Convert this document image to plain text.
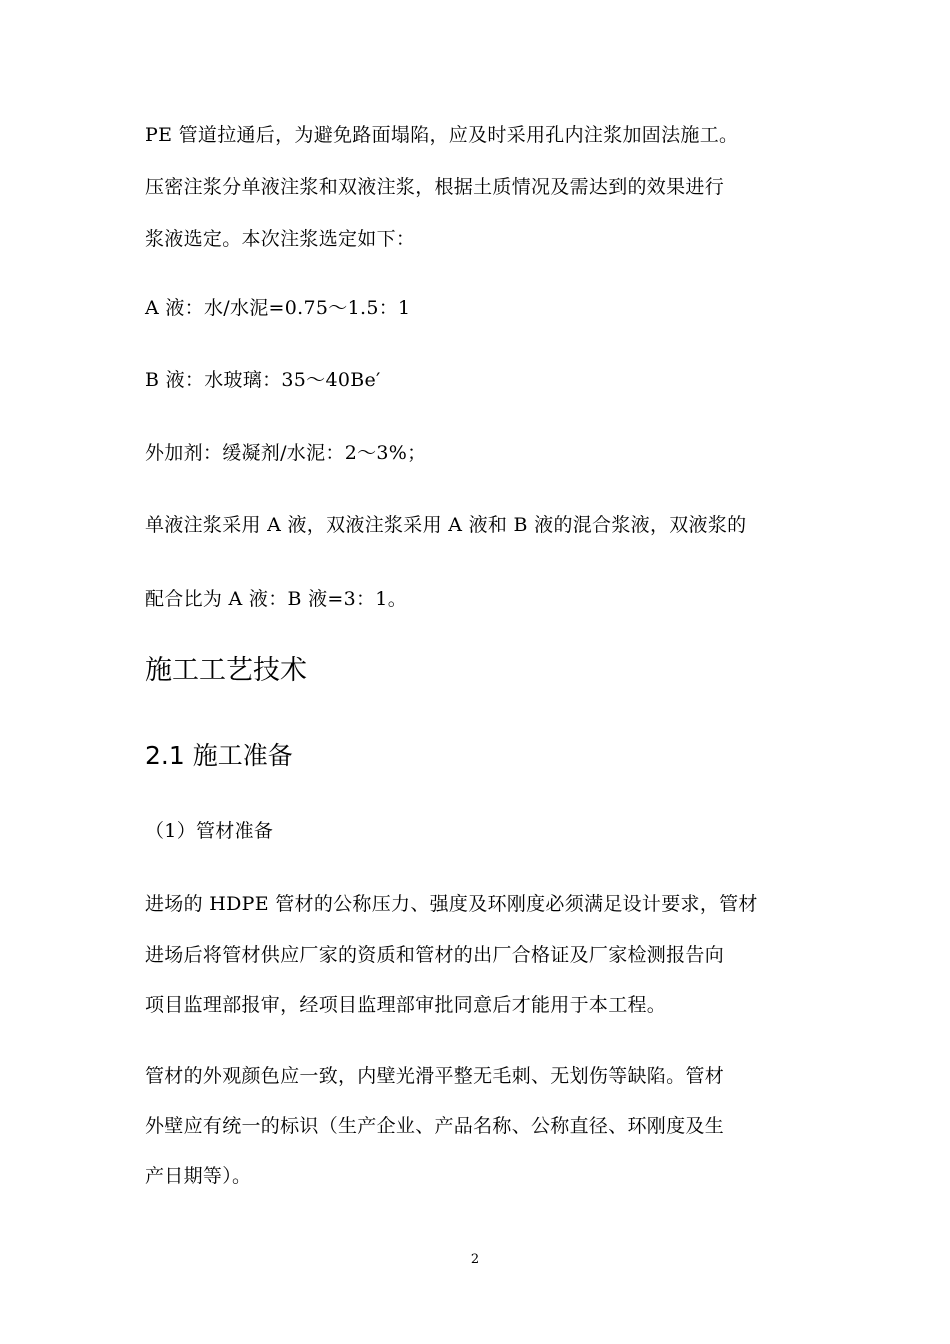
PE 管道拉通后，为避免路面塌陷，应及时采用孔内注浆加固法施工。
压密注浆分单液注浆和双液注浆，根据土质情况及需达到的效果进行
浆液选定。本次注浆选定如下：
A 液：水/水泥=0.75～1.5：1
B 液：水玻璃：35～40Be′
外加剂：缓凝剂/水泥：2～3%；
单液注浆采用 A 液，双液注浆采用 A 液和 B 液的混合浆液，双液浆的
配合比为 A 液：B 液=3：1。
施工工艺技术
2.1 施工准备
（1）管材准备
进场的 HDPE 管材的公称压力、强度及环刚度必须满足设计要求，管材
进场后将管材供应厂家的资质和管材的出厂合格证及厂家检测报告向
项目监理部报审，经项目监理部审批同意后才能用于本工程。
管材的外观颜色应一致，内壁光滑平整无毛刺、无划伤等缺陷。管材
外壁应有统一的标识（生产企业、产品名称、公称直径、环刚度及生
产日期等）。
2
